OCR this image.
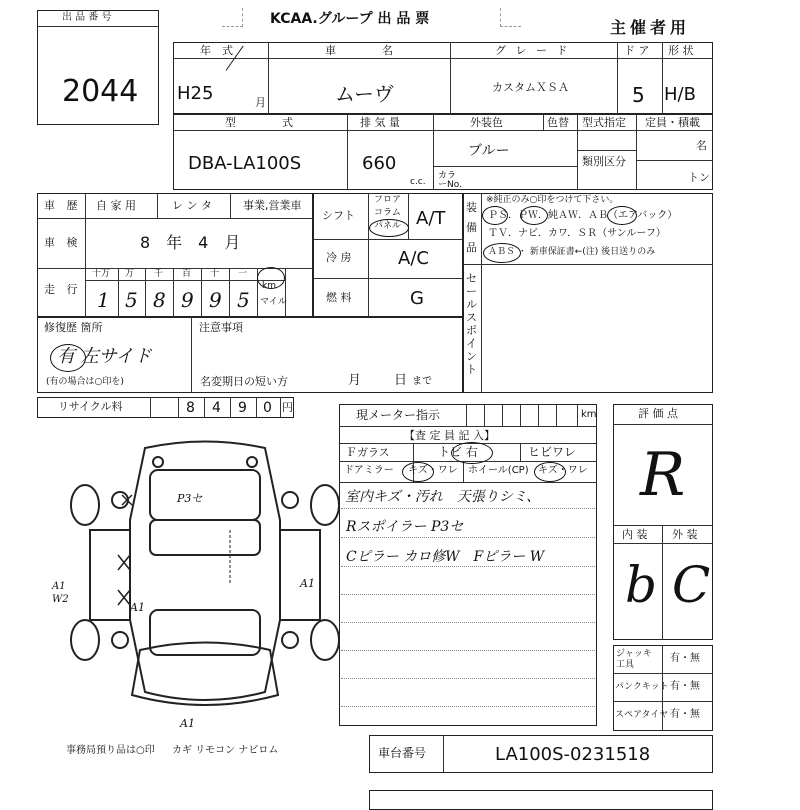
KCAA.グループ 出 品 票	主催者用
出 品 番 号
2044
年　式
H25	月
車　　名
ムーヴ
グ レ ー ド
カスタムＸＳＡ
ド ア
5
形 状
H/B
型　　式
DBA-LA100S
排 気 量
660
c.c.
外装色	色替
ブルー
カラーNo.
型式指定
類別区分
定員・積載
名
トン
車 歴 自 家 用	レ ン タ	事業,営業車
車 検	8　年　4　月
走 行
十万 万 千 百 十 一
1 5 8 9 9 5
km
マイル
シフト
フロア
コラム
パネル A/T
冷 房	A/C
燃 料	G
装 備 品
※純正のみ○印をつけて下さい。
ＰＳ．ＰＷ．純ＡＷ．ＡＢ（エアバック）
ＴＶ．ナビ．カワ．ＳＲ（サンルーフ）
ＡＢＳ ・ 新車保証書←(注) 後日送りのみ
セールスポイント
修復歴 箇所
有 左サイド
(有の場合は○印を)
注意事項
名変期日の短い方	月	日 まで
リサイクル料	8 4 9 0 円
P3セ
A1
A1 W2
A1
A1
事務局預り品は○印 カギ リモコン ナビロム
現メーター指示	km
【査 定 員 記 入】
Ｆガラス	トビ 右	ヒビワレ
ドアミラー キズ・ワレ ホイール(CP) キズ・ワレ
室内キズ・汚れ　天張りシミ、
Rスポイラー P3セ
Cピラー カロ修W　Fピラー W
評 価 点
R
内 装 外 装
b C
ジャッキ工具
有・無
パンクキット 有・無
スペアタイヤ 有・無
車台番号	LA100S-0231518
